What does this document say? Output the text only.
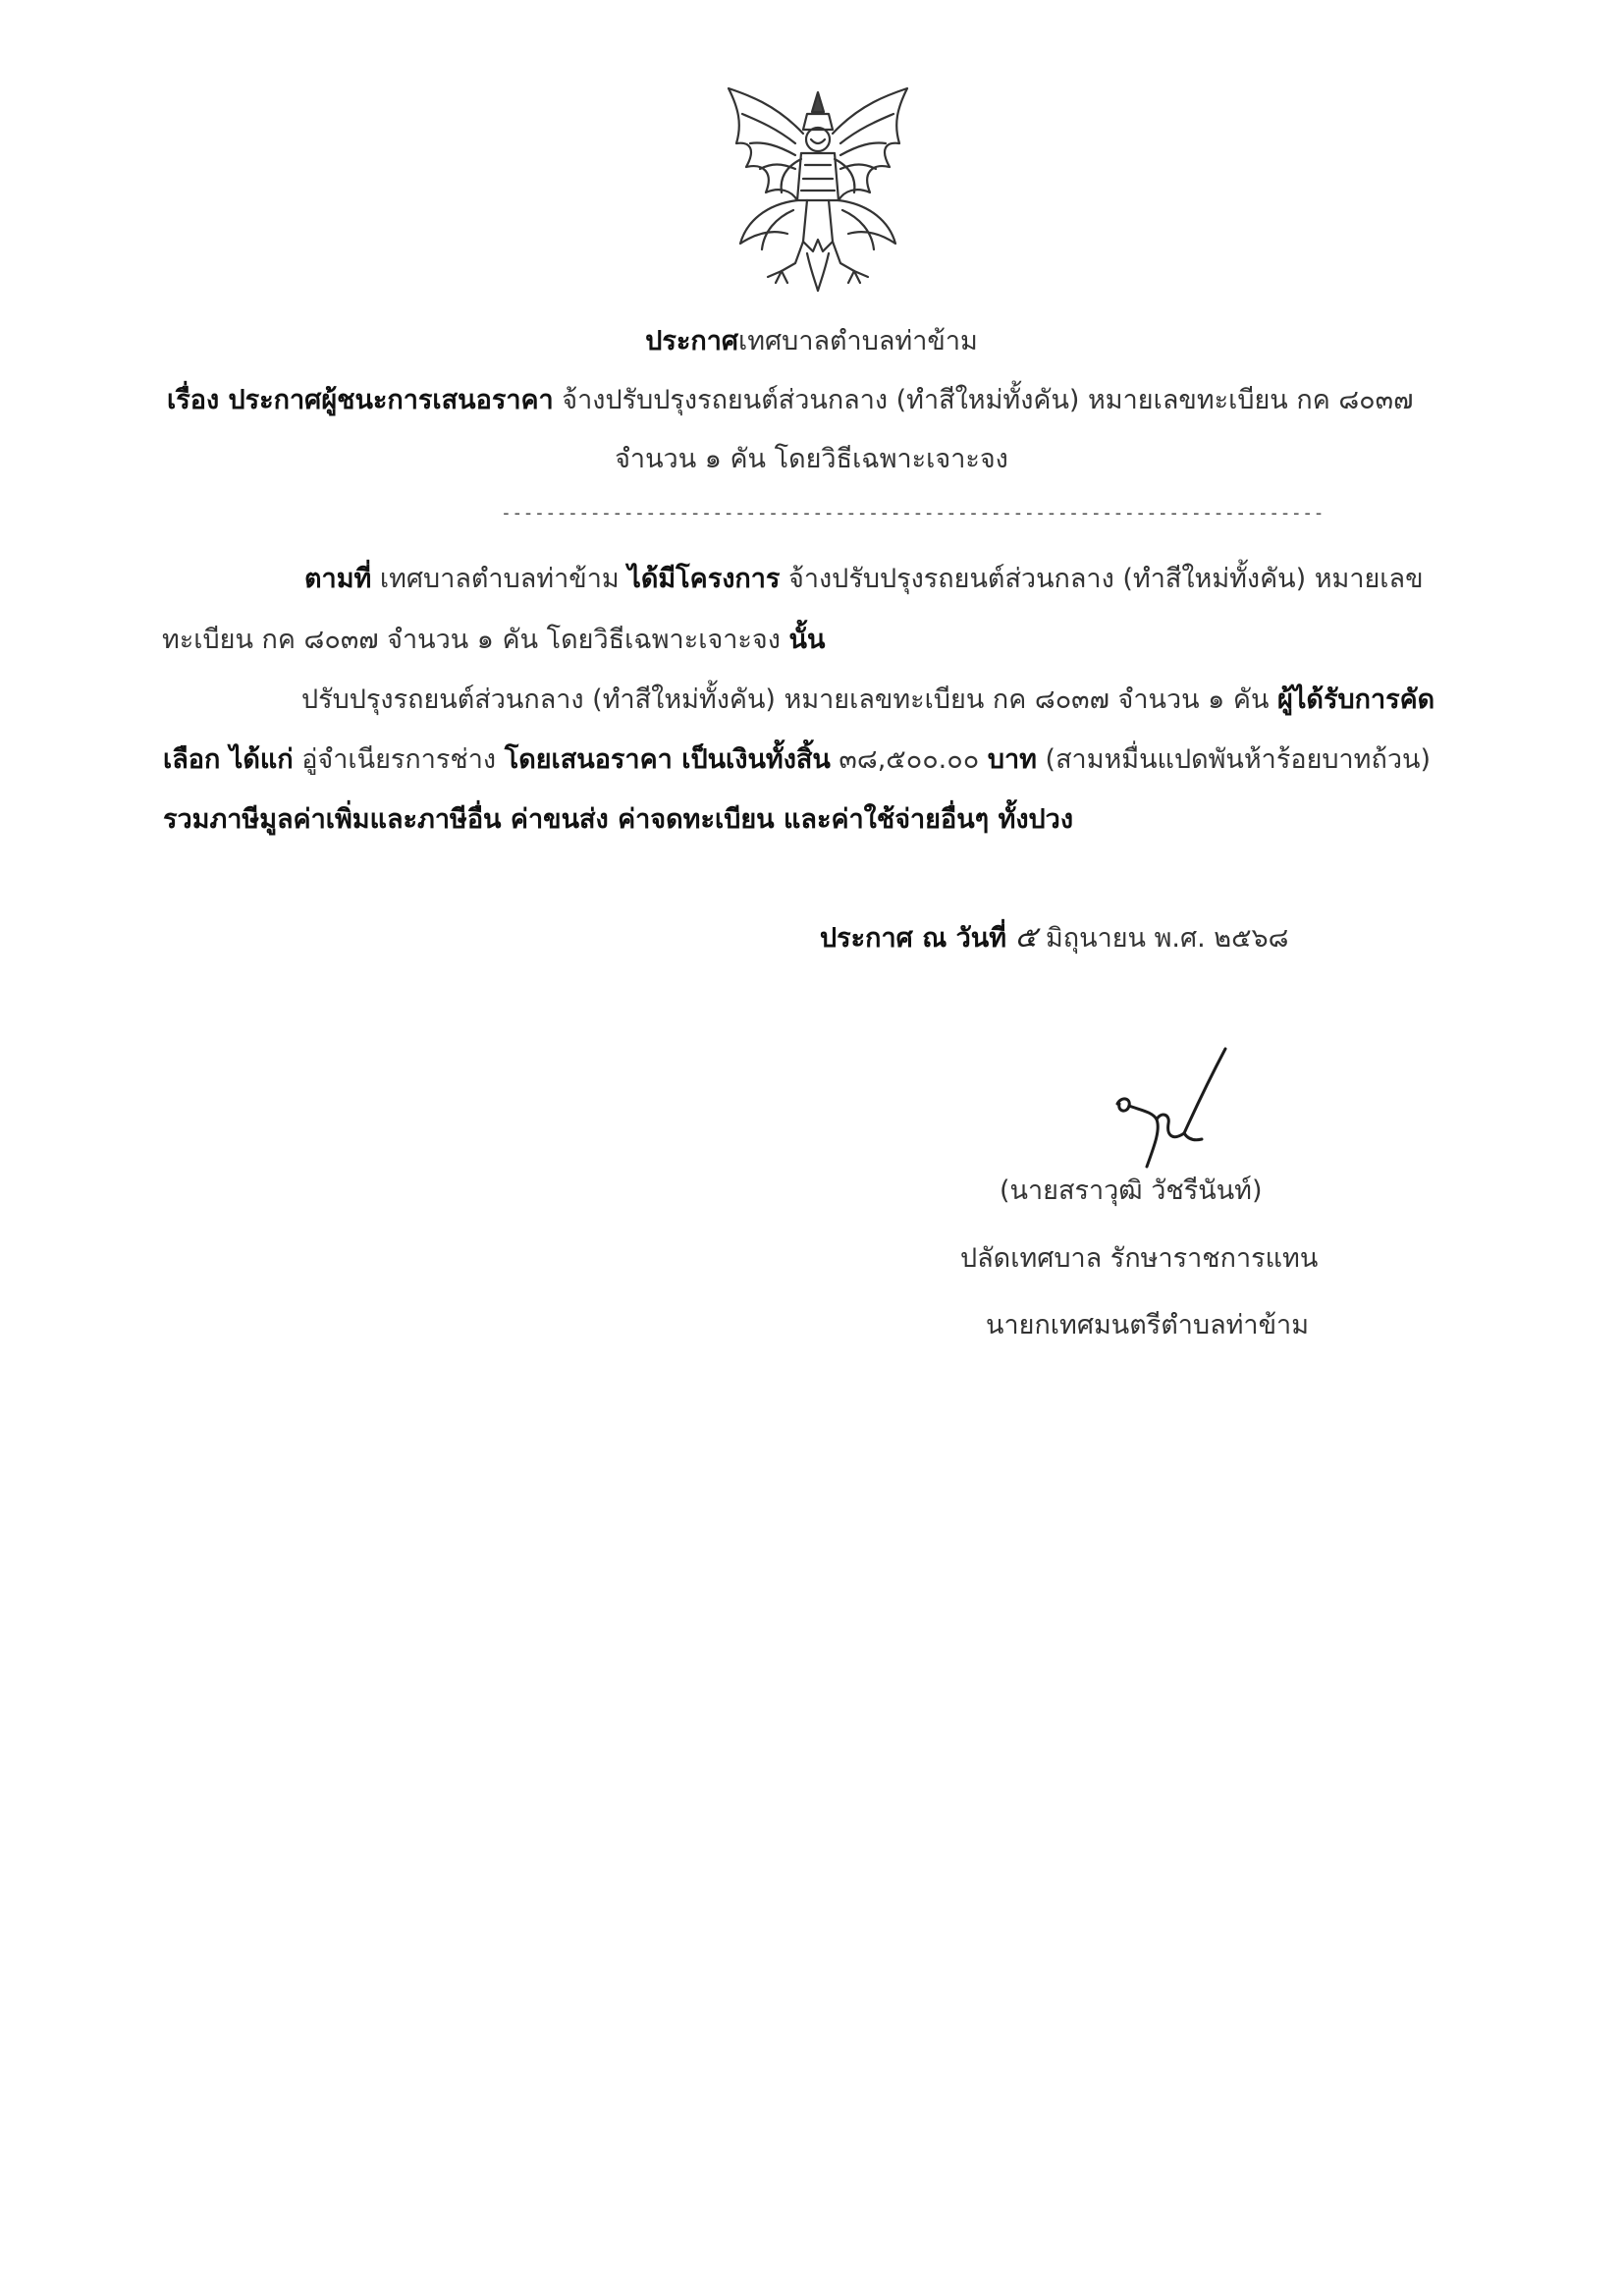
ประกาศเทศบาลตำบลท่าข้าม
เรื่อง ประกาศผู้ชนะการเสนอราคา จ้างปรับปรุงรถยนต์ส่วนกลาง (ทำสีใหม่ทั้งคัน) หมายเลขทะเบียน กค ๘๐๓๗
จำนวน ๑ คัน โดยวิธีเฉพาะเจาะจง
--------------------------------------------------------------------------
ตามที่ เทศบาลตำบลท่าข้าม ได้มีโครงการ จ้างปรับปรุงรถยนต์ส่วนกลาง (ทำสีใหม่ทั้งคัน) หมายเลข
ทะเบียน กค ๘๐๓๗ จำนวน ๑ คัน โดยวิธีเฉพาะเจาะจง นั้น
ปรับปรุงรถยนต์ส่วนกลาง (ทำสีใหม่ทั้งคัน) หมายเลขทะเบียน กค ๘๐๓๗ จำนวน ๑ คัน ผู้ได้รับการคัด
เลือก ได้แก่ อู่จำเนียรการช่าง โดยเสนอราคา เป็นเงินทั้งสิ้น ๓๘,๕๐๐.๐๐ บาท (สามหมื่นแปดพันห้าร้อยบาทถ้วน)
รวมภาษีมูลค่าเพิ่มและภาษีอื่น ค่าขนส่ง ค่าจดทะเบียน และค่าใช้จ่ายอื่นๆ ทั้งปวง
ประกาศ ณ วันที่ ๕ มิถุนายน พ.ศ. ๒๕๖๘
(นายสราวุฒิ วัชรีนันท์)
ปลัดเทศบาล รักษาราชการแทน
นายกเทศมนตรีตำบลท่าข้าม
